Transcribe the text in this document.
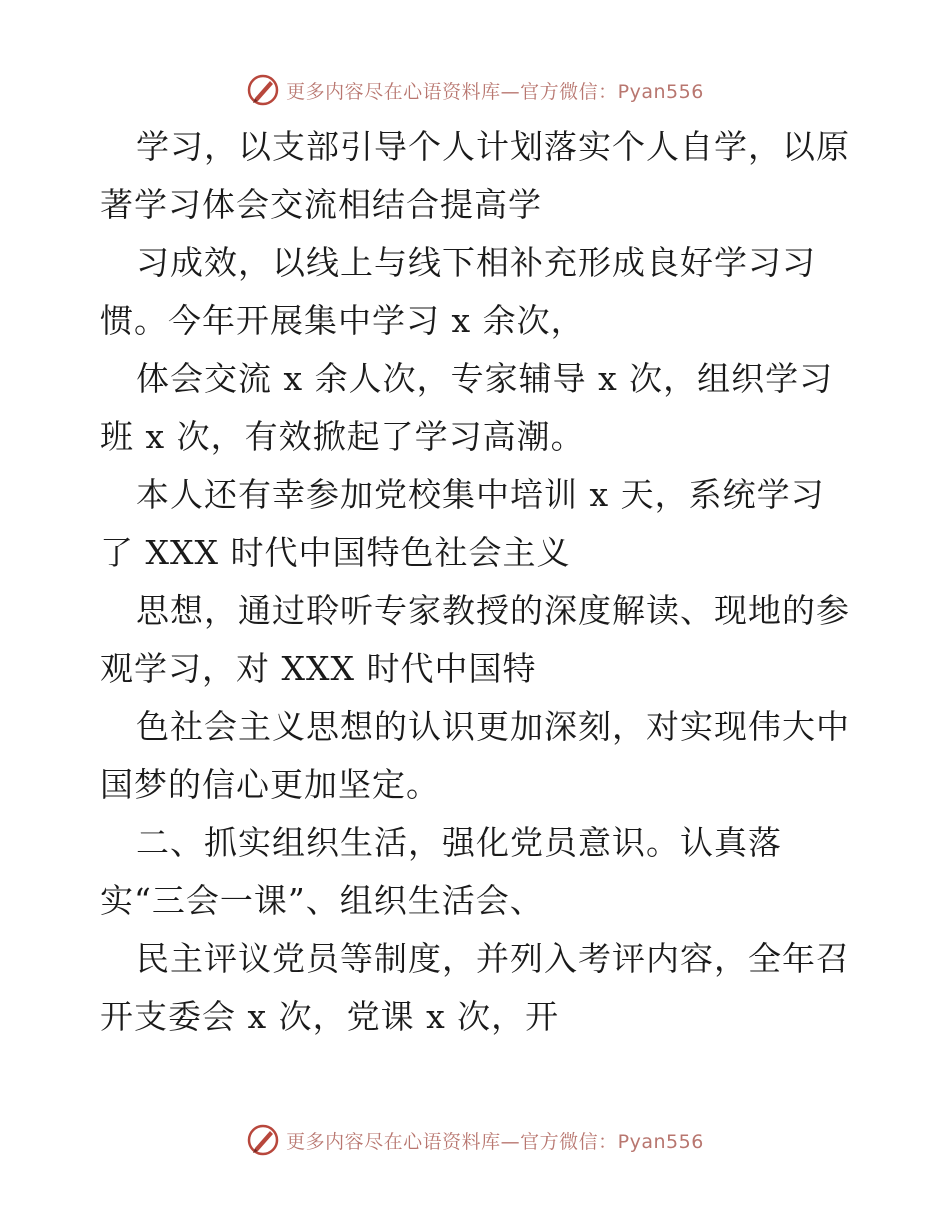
更多内容尽在心语资料库—官方微信：Pyan556
学习，以支部引导个人计划落实个人自学，以原
著学习体会交流相结合提高学
习成效，以线上与线下相补充形成良好学习习
惯。今年开展集中学习 x 余次，
体会交流 x 余人次，专家辅导 x 次，组织学习
班 x 次，有效掀起了学习高潮。
本人还有幸参加党校集中培训 x 天，系统学习
了 XXX 时代中国特色社会主义
思想，通过聆听专家教授的深度解读、现地的参
观学习，对 XXX 时代中国特
色社会主义思想的认识更加深刻，对实现伟大中
国梦的信心更加坚定。
二、抓实组织生活，强化党员意识。认真落
实“三会一课”、组织生活会、
民主评议党员等制度，并列入考评内容，全年召
开支委会 x 次，党课 x 次，开
更多内容尽在心语资料库—官方微信：Pyan556
